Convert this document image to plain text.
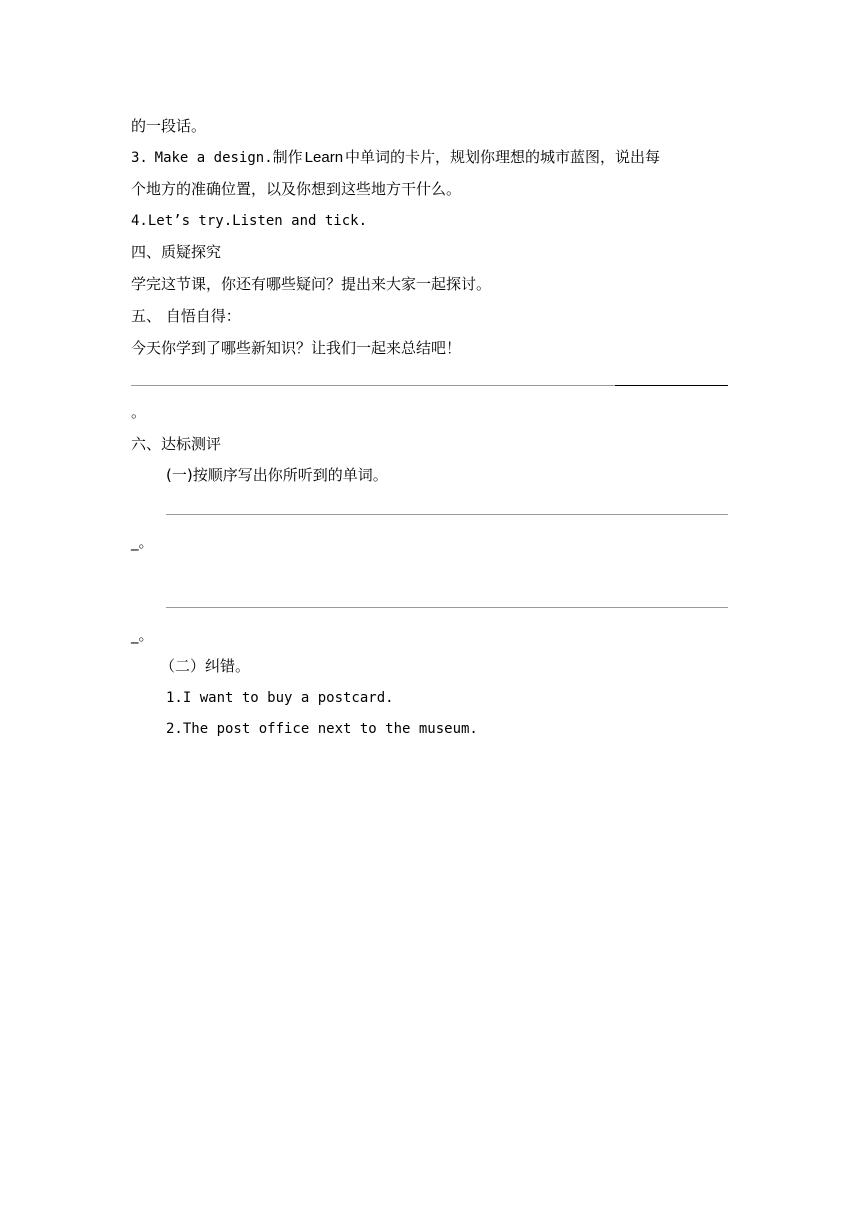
的一段话。
3. Make a design.制作 Learn 中单词的卡片，规划你理想的城市蓝图，说出每
个地方的准确位置，以及你想到这些地方干什么。
4.Let’s try.Listen and tick.
四、质疑探究
学完这节课，你还有哪些疑问？提出来大家一起探讨。
五、 自悟自得：
今天你学到了哪些新知识？让我们一起来总结吧！
。
六、达标测评
(一)按顺序写出你所听到的单词。
_。
_。
（二）纠错。
1.I want to buy a postcard.
2.The post office next to the museum.
